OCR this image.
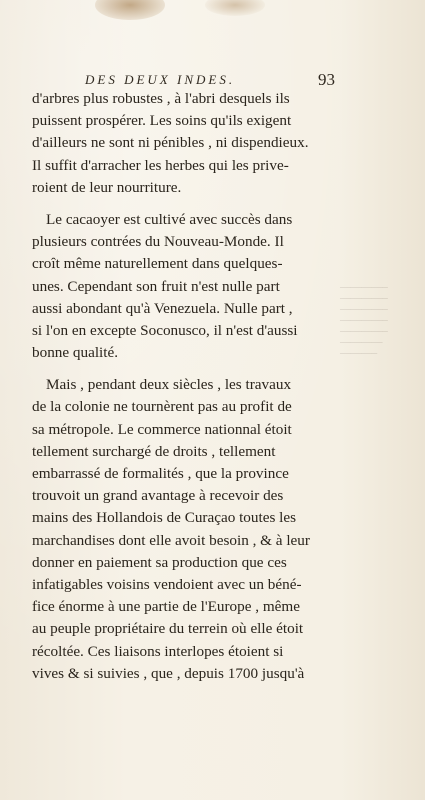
─────────
─────────
─────────
─────────
─────────
────────
───────
DES DEUX INDES.	93
d'arbres plus robustes , à l'abri desquels ils
puissent prospérer. Les soins qu'ils exigent
d'ailleurs ne sont ni pénibles , ni dispendieux.
Il suffit d'arracher les herbes qui les prive-
roient de leur nourriture.
Le cacaoyer est cultivé avec succès dans
plusieurs contrées du Nouveau-Monde. Il
croît même naturellement dans quelques-
unes. Cependant son fruit n'est nulle part
aussi abondant qu'à Venezuela. Nulle part ,
si l'on en excepte Soconusco, il n'est d'aussi
bonne qualité.
Mais , pendant deux siècles , les travaux
de la colonie ne tournèrent pas au profit de
sa métropole. Le commerce nationnal étoit
tellement surchargé de droits , tellement
embarrassé de formalités , que la province
trouvoit un grand avantage à recevoir des
mains des Hollandois de Curaçao toutes les
marchandises dont elle avoit besoin , & à leur
donner en paiement sa production que ces
infatigables voisins vendoient avec un béné-
fice énorme à une partie de l'Europe , même
au peuple propriétaire du terrein où elle étoit
récoltée. Ces liaisons interlopes étoient si
vives & si suivies , que , depuis 1700 jusqu'à
